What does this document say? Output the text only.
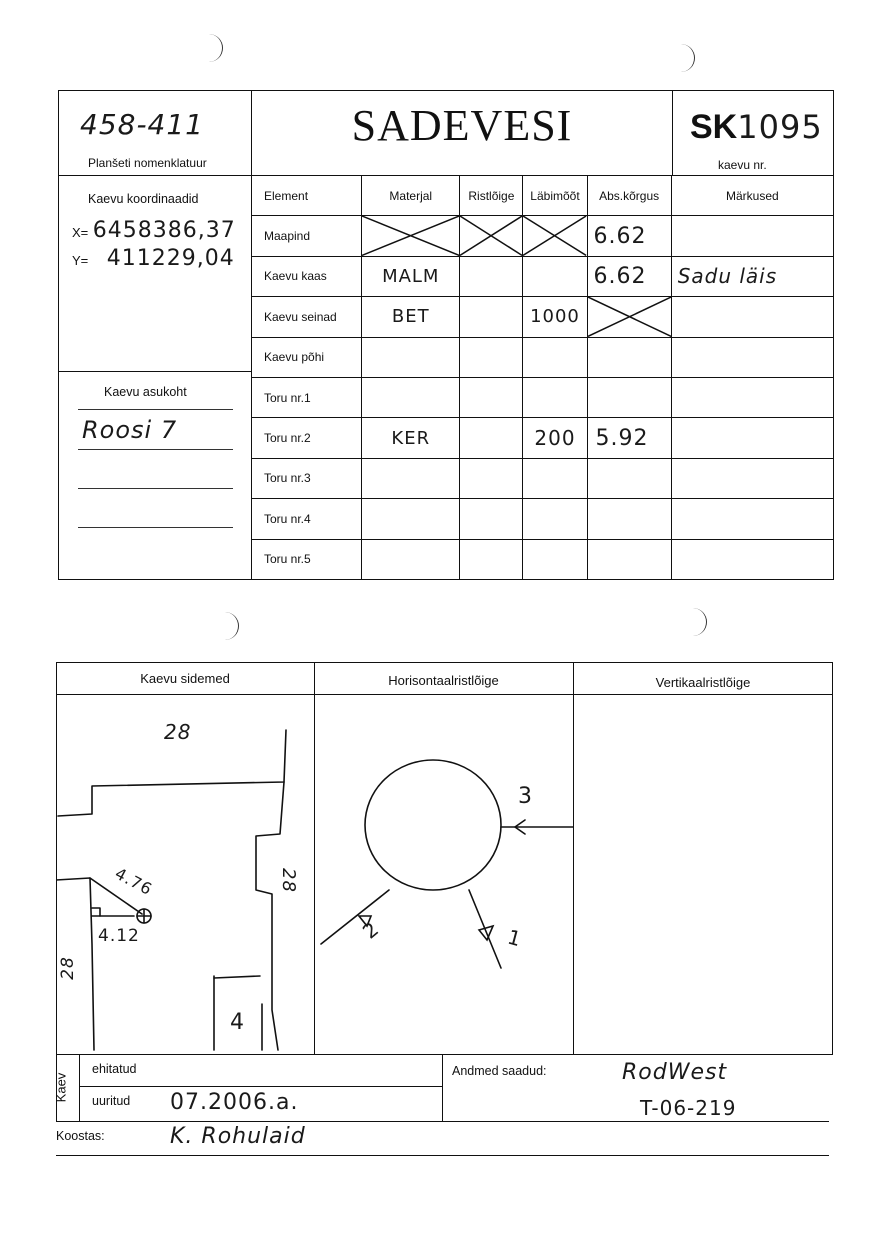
458-411
Planšeti nomenklatuur
SADEVESI	SK1095
kaevu nr.
Kaevu koordinaadid
X= 6458386,37
Y= 411229,04
Kaevu asukoht
Roosi 7
Element	Materjal	Ristlõige	Läbimõõt	Abs.kõrgus	Märkused
Maapind				6.62	
Kaevu kaas	MALM			6.62	Sadu läis
Kaevu seinad	BET		1000	

Kaevu põhi					
Toru nr.1					
Toru nr.2	KER		200	5.92	
Toru nr.3					
Toru nr.4					
Toru nr.5					
Kaevu sidemed	Horisontaalristlõige	Vertikaalristlõige
28
28
28
4.76
4.12
4
3
2	1
Kaev
ehitatud
uuritud 07.2006.a.
Andmed saadud:	RodWest
T-06-219
Koostas:	K. Rohulaid
